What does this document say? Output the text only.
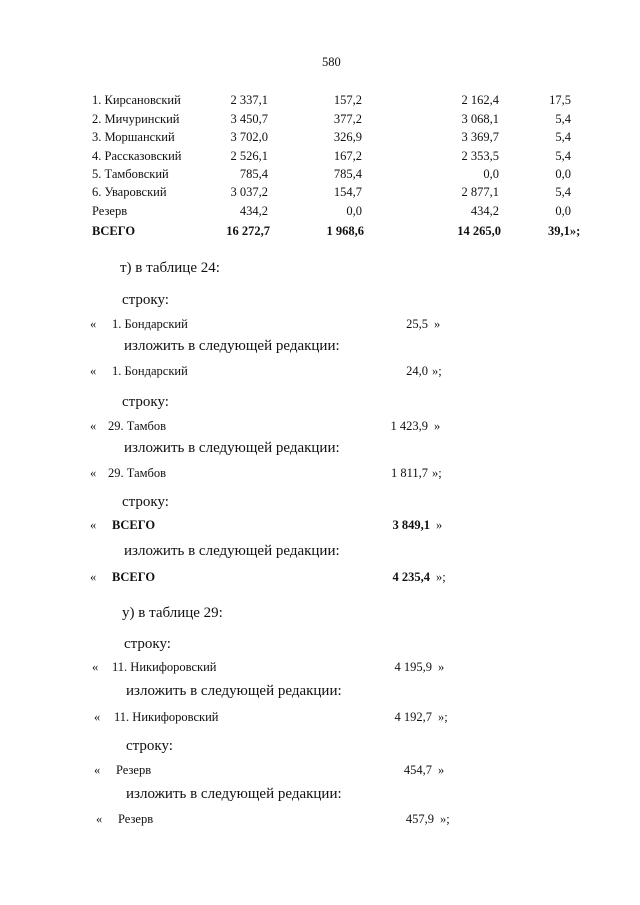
580
1. Кирсановский	2 337,1	157,2	2 162,4	17,5
2. Мичуринский	3 450,7	377,2	3 068,1	5,4
3. Моршанский	3 702,0	326,9	3 369,7	5,4
4. Рассказовский	2 526,1	167,2	2 353,5	5,4
5. Тамбовский	785,4	785,4	0,0	0,0
6. Уваровский	3 037,2	154,7	2 877,1	5,4
Резерв	434,2	0,0	434,2	0,0
ВСЕГО	16 272,7	1 968,6	14 265,0	39,1»;
т) в таблице 24:
строку:
« 1. Бондарский	25,5 »
изложить в следующей редакции:
« 1. Бондарский	24,0 »;
строку:
« 29. Тамбов	1 423,9 »
изложить в следующей редакции:
« 29. Тамбов	1 811,7 »;
строку:
« ВСЕГО	3 849,1 »
изложить в следующей редакции:
« ВСЕГО	4 235,4 »;
у) в таблице 29:
строку:
« 11. Никифоровский	4 195,9 »
изложить в следующей редакции:
« 11. Никифоровский	4 192,7 »;
строку:
« Резерв	454,7 »
изложить в следующей редакции:
« Резерв	457,9 »;
